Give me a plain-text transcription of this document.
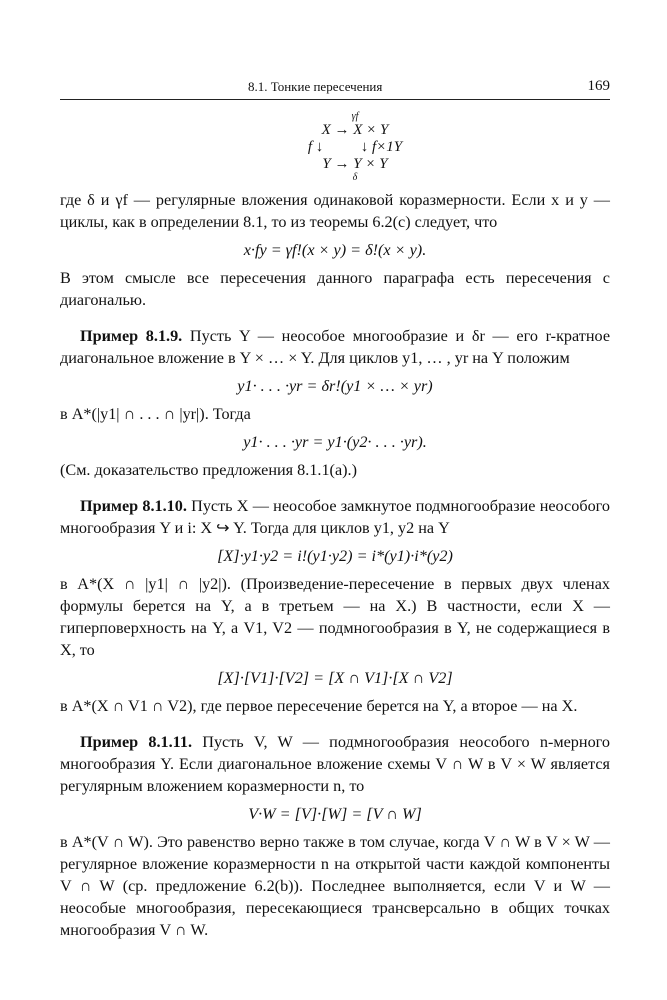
8.1. Тонкие пересечения	169
γf
X → X × Y
f ↓          ↓ f×1Y
Y → Y × Y
δ

где δ и γf — регулярные вложения одинаковой коразмерности. Если x и y — циклы, как в определении 8.1, то из теоремы 6.2(c) следует, что

x·fy = γf!(x × y) = δ!(x × y).

В этом смысле все пересечения данного параграфа есть пересечения с диагональю.

Пример 8.1.9. Пусть Y — неособое многообразие и δr — его r-кратное диагональное вложение в Y × … × Y. Для циклов y1, … , yr на Y положим

y1· . . . ·yr = δr!(y1 × … × yr)

в A*(|y1| ∩ . . . ∩ |yr|). Тогда

y1· . . . ·yr = y1·(y2· . . . ·yr).

(См. доказательство предложения 8.1.1(a).)

Пример 8.1.10. Пусть X — неособое замкнутое подмногообразие неособого многообразия Y и i: X ↪ Y. Тогда для циклов y1, y2 на Y

[X]·y1·y2 = i!(y1·y2) = i*(y1)·i*(y2)

в A*(X ∩ |y1| ∩ |y2|). (Произведение-пересечение в первых двух членах формулы берется на Y, а в третьем — на X.) В частности, если X — гиперповерхность на Y, а V1, V2 — подмногообразия в Y, не содержащиеся в X, то

[X]·[V1]·[V2] = [X ∩ V1]·[X ∩ V2]

в A*(X ∩ V1 ∩ V2), где первое пересечение берется на Y, а второе — на X.

Пример 8.1.11. Пусть V, W — подмногообразия неособого n-мерного многообразия Y. Если диагональное вложение схемы V ∩ W в V × W является регулярным вложением коразмерности n, то

V·W = [V]·[W] = [V ∩ W]

в A*(V ∩ W). Это равенство верно также в том случае, когда V ∩ W в V × W — регулярное вложение коразмерности n на открытой части каждой компоненты V ∩ W (ср. предложение 6.2(b)). Последнее выполняется, если V и W — неособые многообразия, пересекающиеся трансверсально в общих точках многообразия V ∩ W.
